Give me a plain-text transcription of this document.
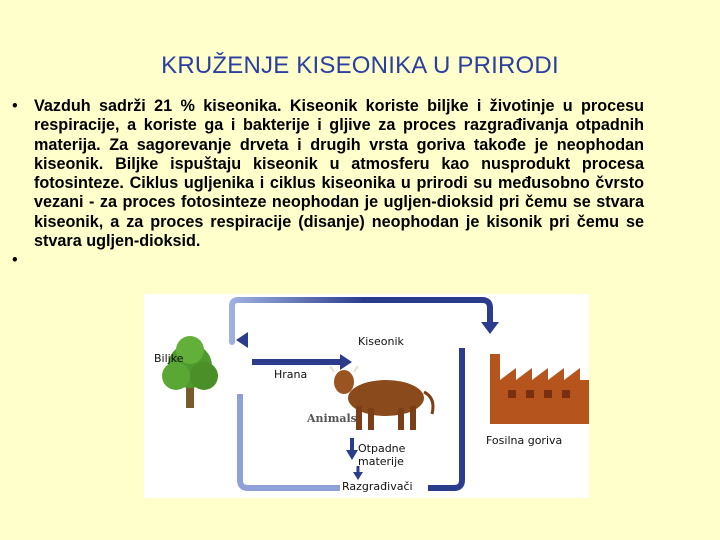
KRUŽENJE KISEONIKA U PRIRODI
• Vazduh sadrži 21 % kiseonika. Kiseonik koriste biljke i životinje u procesu respiracije, a koriste ga i bakterije i gljive za proces razgrađivanja otpadnih materija. Za sagorevanje drveta i drugih vrsta goriva takođe je neophodan kiseonik. Biljke ispuštaju kiseonik u atmosferu kao nusprodukt procesa fotosinteze. Ciklus ugljenika i ciklus kiseonika u prirodi su međusobno čvrsto vezani - za proces fotosinteze neophodan je ugljen-dioksid pri čemu se stvara kiseonik, a za proces respiracije (disanje) neophodan je kisonik pri čemu se stvara ugljen-dioksid.
•
Kiseonik
Biljke
Hrana
Animals
Otpadne
materije
Razgrađivači
Fosilna goriva
